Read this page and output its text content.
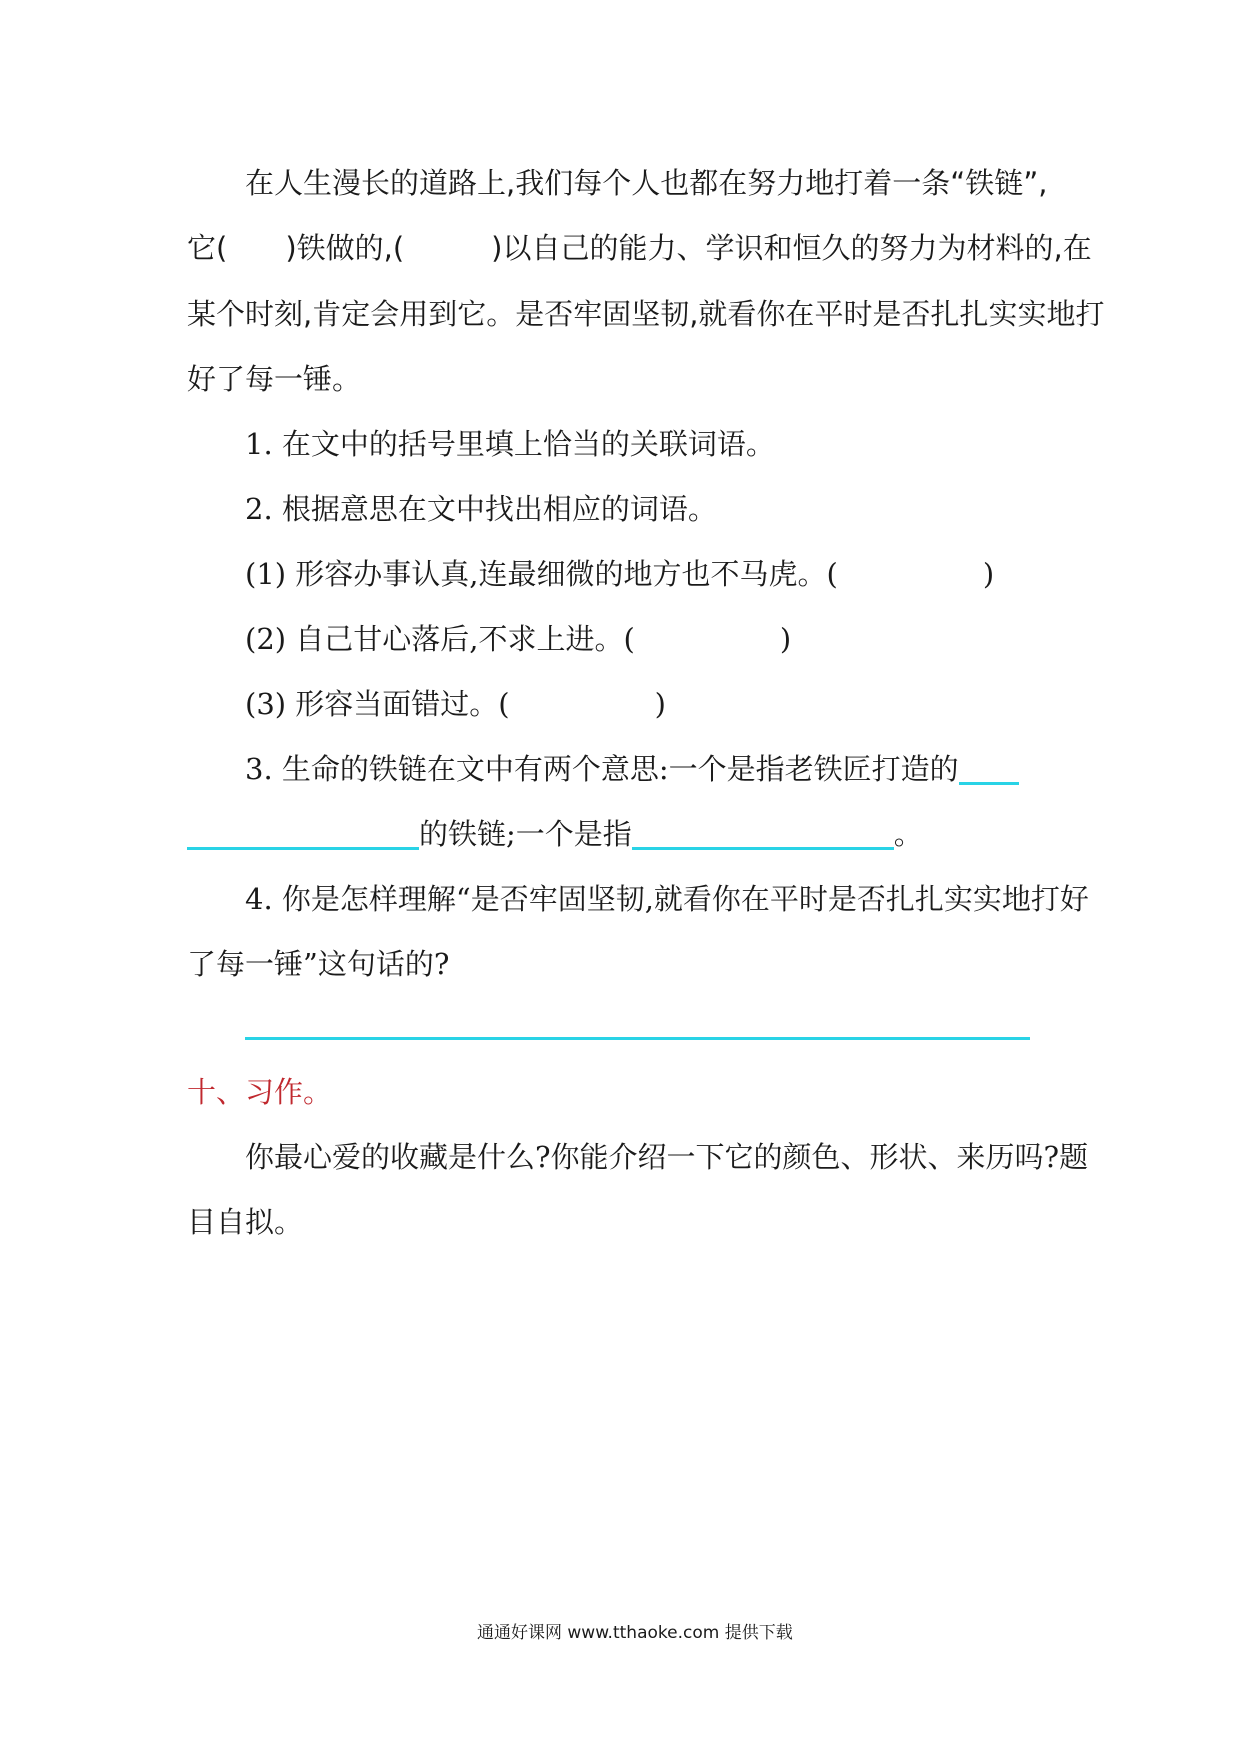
在人生漫长的道路上,我们每个人也都在努力地打着一条“铁链”,
它(　　)铁做的,(　　　)以自己的能力、学识和恒久的努力为材料的,在
某个时刻,肯定会用到它。是否牢固坚韧,就看你在平时是否扎扎实实地打
好了每一锤。
1. 在文中的括号里填上恰当的关联词语。
2. 根据意思在文中找出相应的词语。
(1) 形容办事认真,连最细微的地方也不马虎。(　　　　　)
(2) 自己甘心落后,不求上进。(　　　　　)
(3) 形容当面错过。(　　　　　)
3. 生命的铁链在文中有两个意思:一个是指老铁匠打造的
的铁链;一个是指	。
4. 你是怎样理解“是否牢固坚韧,就看你在平时是否扎扎实实地打好
了每一锤”这句话的?
十、习作。
你最心爱的收藏是什么?你能介绍一下它的颜色、形状、来历吗?题
目自拟。
通通好课网 www.tthaoke.com 提供下载
